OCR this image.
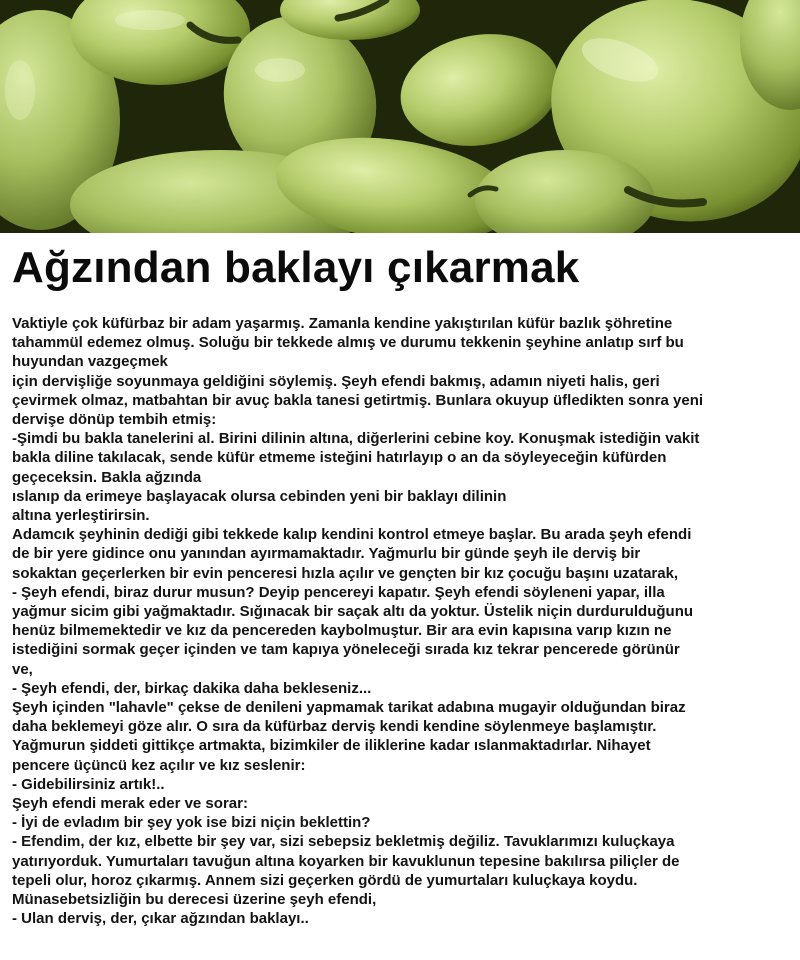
Ağzından baklayı çıkarmak

Vaktiyle çok küfürbaz bir adam yaşarmış. Zamanla kendine yakıştırılan küfür bazlık şöhretine

tahammül edemez olmuş. Soluğu bir tekkede almış ve durumu tekkenin şeyhine anlatıp sırf bu

huyundan vazgeçmek

için dervişliğe soyunmaya geldiğini söylemiş. Şeyh efendi bakmış, adamın niyeti halis, geri

çevirmek olmaz, matbahtan bir avuç bakla tanesi getirtmiş. Bunlara okuyup üfledikten sonra yeni

dervişe dönüp tembih etmiş:

-Şimdi bu bakla tanelerini al. Birini dilinin altına, diğerlerini cebine koy. Konuşmak istediğin vakit

bakla diline takılacak, sende küfür etmeme isteğini hatırlayıp o an da söyleyeceğin küfürden

geçeceksin. Bakla ağzında

ıslanıp da erimeye başlayacak olursa cebinden yeni bir baklayı dilinin

altına yerleştirirsin.

Adamcık şeyhinin dediği gibi tekkede kalıp kendini kontrol etmeye başlar. Bu arada şeyh efendi

de bir yere gidince onu yanından ayırmamaktadır. Yağmurlu bir günde şeyh ile derviş bir

sokaktan geçerlerken bir evin penceresi hızla açılır ve gençten bir kız çocuğu başını uzatarak,

- Şeyh efendi, biraz durur musun? Deyip pencereyi kapatır. Şeyh efendi söyleneni yapar, illa

yağmur sicim gibi yağmaktadır. Sığınacak bir saçak altı da yoktur. Üstelik niçin durdurulduğunu

henüz bilmemektedir ve kız da pencereden kaybolmuştur. Bir ara evin kapısına varıp kızın ne

istediğini sormak geçer içinden ve tam kapıya yöneleceği sırada kız tekrar pencerede görünür

ve,

- Şeyh efendi, der, birkaç dakika daha bekleseniz...

Şeyh içinden "lahavle" çekse de denileni yapmamak tarikat adabına mugayir olduğundan biraz

daha beklemeyi göze alır. O sıra da küfürbaz derviş kendi kendine söylenmeye başlamıştır.

Yağmurun şiddeti gittikçe artmakta, bizimkiler de iliklerine kadar ıslanmaktadırlar. Nihayet

pencere üçüncü kez açılır ve kız seslenir:

- Gidebilirsiniz artık!..

Şeyh efendi merak eder ve sorar:

- İyi de evladım bir şey yok ise bizi niçin beklettin?

- Efendim, der kız, elbette bir şey var, sizi sebepsiz bekletmiş değiliz. Tavuklarımızı kuluçkaya

yatırıyorduk. Yumurtaları tavuğun altına koyarken bir kavuklunun tepesine bakılırsa piliçler de

tepeli olur, horoz çıkarmış. Annem sizi geçerken gördü de yumurtaları kuluçkaya koydu.

Münasebetsizliğin bu derecesi üzerine şeyh efendi,

- Ulan derviş, der, çıkar ağzından baklayı..
